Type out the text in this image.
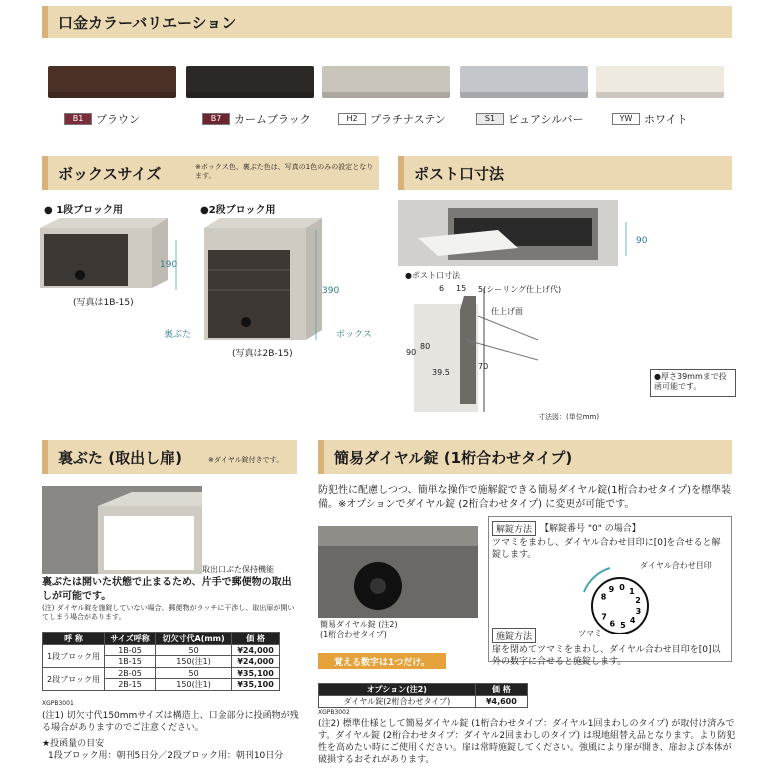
口金カラーバリエーション
B1	ブラウン	B7	カームブラック	H2	プラチナステン	S1	ピュアシルバー	YW	ホワイト
ボックスサイズ	※ボックス色、裏ぶた色は、写真の1色のみの設定となります。
● 1段ブロック用	●2段ブロック用
190
390
(写真は1B-15)
裏ぶた	ボックス
(写真は2B-15)
ポスト口寸法
90
●ポスト口寸法
6 15 5(シーリング仕上げ代)
仕上げ面
90
80
39.5
70
●厚さ39mmまで投函可能です。
寸法図：(単位mm)
裏ぶた (取出し扉)	※ダイヤル錠付きです。
取出口ぶた保持機能
裏ぶたは開いた状態で止まるため、片手で郵便物の取出しが可能です。
(注) ダイヤル錠を施錠していない場合、郵便物がラッチに干渉し、取出扉が開いてしまう場合があります。
呼 称	サイズ呼称	切欠寸代A(mm)	価 格
1段ブロック用	1B-05	50	¥24,000
	1B-15	150(注1)	¥24,000
2段ブロック用	2B-05	50	¥35,100
	2B-15	150(注1)	¥35,100
XGPB3001
(注1) 切欠寸代150mmサイズは構造上、口金部分に投函物が残る場合がありますのでご注意ください。
★投函量の目安
1段ブロック用：朝刊5日分／2段ブロック用：朝刊10日分
簡易ダイヤル錠 (1桁合わせタイプ)
防犯性に配慮しつつ、簡単な操作で施解錠できる簡易ダイヤル錠(1桁合わせタイプ)を標準装備。※オプションでダイヤル錠 (2桁合わせタイプ) に変更が可能です。
簡易ダイヤル錠 (注2)
(1桁合わせタイプ)
覚える数字は1つだけ。
解錠方法 【解錠番号 "0" の場合】
ツマミをまわし、ダイヤル合わせ目印に[0]を合せると解錠します。
8
9 0 1
2
3
4
5
6
7
ダイヤル合わせ目印
ツマミ
施錠方法
扉を閉めてツマミをまわし、ダイヤル合わせ目印を[0]以外の数字に合せると施錠します。
オプション(注2)	価 格
ダイヤル錠(2桁合わせタイプ)	¥4,600
XGPB3002
(注2) 標準仕様として簡易ダイヤル錠 (1桁合わせタイプ：ダイヤル1回まわしのタイプ) が取付け済みです。ダイヤル錠 (2桁合わせタイプ：ダイヤル2回まわしのタイプ) は現地組替え品となります。より防犯性を高めたい時にご使用ください。扉は常時施錠してください。強風により扉が開き、扉および本体が破損するおそれがあります。
